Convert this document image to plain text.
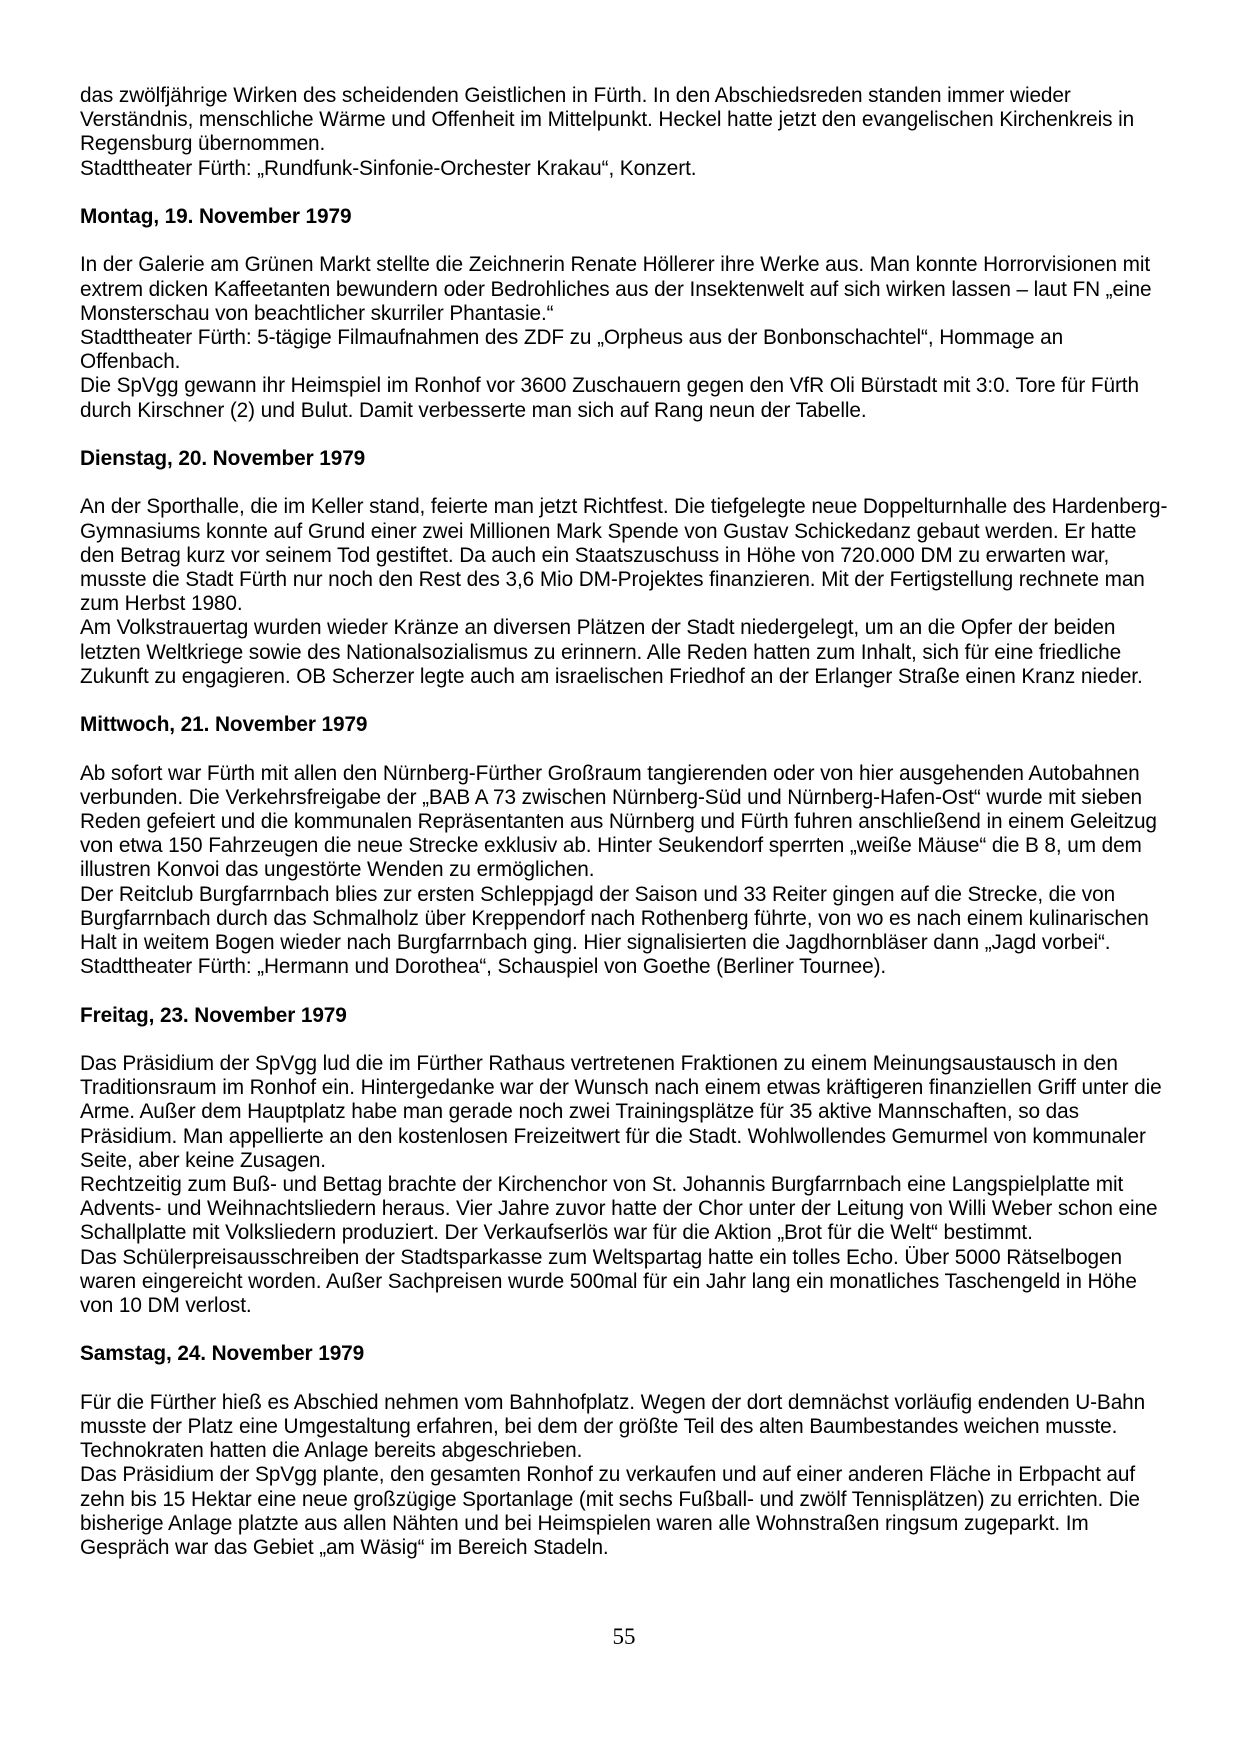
das zwölfjährige Wirken des scheidenden Geistlichen in Fürth. In den Abschiedsreden standen immer wieder Verständnis, menschliche Wärme und Offenheit im Mittelpunkt. Heckel hatte jetzt den evangelischen Kirchenkreis in Regensburg übernommen.

Stadttheater Fürth: „Rundfunk-Sinfonie-Orchester Krakau“, Konzert.

Montag, 19. November 1979

In der Galerie am Grünen Markt stellte die Zeichnerin Renate Höllerer ihre Werke aus. Man konnte Horrorvisionen mit extrem dicken Kaffeetanten bewundern oder Bedrohliches aus der Insektenwelt auf sich wirken lassen – laut FN „eine Monsterschau von beachtlicher skurriler Phantasie.“

Stadttheater Fürth: 5-tägige Filmaufnahmen des ZDF zu „Orpheus aus der Bonbonschachtel“, Hommage an Offenbach.

Die SpVgg gewann ihr Heimspiel im Ronhof vor 3600 Zuschauern gegen den VfR Oli Bürstadt mit 3:0. Tore für Fürth durch Kirschner (2) und Bulut. Damit verbesserte man sich auf Rang neun der Tabelle.

Dienstag, 20. November 1979

An der Sporthalle, die im Keller stand, feierte man jetzt Richtfest. Die tiefgelegte neue Doppelturnhalle des Hardenberg-Gymnasiums konnte auf Grund einer zwei Millionen Mark Spende von Gustav Schickedanz gebaut werden. Er hatte den Betrag kurz vor seinem Tod gestiftet. Da auch ein Staatszuschuss in Höhe von 720.000 DM zu erwarten war, musste die Stadt Fürth nur noch den Rest des 3,6 Mio DM-Projektes finanzieren. Mit der Fertigstellung rechnete man zum Herbst 1980.

Am Volkstrauertag wurden wieder Kränze an diversen Plätzen der Stadt niedergelegt, um an die Opfer der beiden letzten Weltkriege sowie des Nationalsozialismus zu erinnern. Alle Reden hatten zum Inhalt, sich für eine friedliche Zukunft zu engagieren. OB Scherzer legte auch am israelischen Friedhof an der Erlanger Straße einen Kranz nieder.

Mittwoch, 21. November 1979

Ab sofort war Fürth mit allen den Nürnberg-Fürther Großraum tangierenden oder von hier ausgehenden Autobahnen verbunden. Die Verkehrsfreigabe der „BAB A 73 zwischen Nürnberg-Süd und Nürnberg-Hafen-Ost“ wurde mit sieben Reden gefeiert und die kommunalen Repräsentanten aus Nürnberg und Fürth fuhren anschließend in einem Geleitzug von etwa 150 Fahrzeugen die neue Strecke exklusiv ab. Hinter Seukendorf sperrten „weiße Mäuse“ die B 8, um dem illustren Konvoi das ungestörte Wenden zu ermöglichen.

Der Reitclub Burgfarrnbach blies zur ersten Schleppjagd der Saison und 33 Reiter gingen auf die Strecke, die von Burgfarrnbach durch das Schmalholz über Kreppendorf nach Rothenberg führte, von wo es nach einem kulinarischen Halt in weitem Bogen wieder nach Burgfarrnbach ging. Hier signalisierten die Jagdhornbläser dann „Jagd vorbei“.

Stadttheater Fürth: „Hermann und Dorothea“, Schauspiel von Goethe (Berliner Tournee).

Freitag, 23. November 1979

Das Präsidium der SpVgg lud die im Fürther Rathaus vertretenen Fraktionen zu einem Meinungsaustausch in den Traditionsraum im Ronhof ein. Hintergedanke war der Wunsch nach einem etwas kräftigeren finanziellen Griff unter die Arme. Außer dem Hauptplatz habe man gerade noch zwei Trainingsplätze für 35 aktive Mannschaften, so das Präsidium. Man appellierte an den kostenlosen Freizeitwert für die Stadt. Wohlwollendes Gemurmel von kommunaler Seite, aber keine Zusagen.

Rechtzeitig zum Buß- und Bettag brachte der Kirchenchor von St. Johannis Burgfarrnbach eine Langspielplatte mit Advents- und Weihnachtsliedern heraus. Vier Jahre zuvor hatte der Chor unter der Leitung von Willi Weber schon eine Schallplatte mit Volksliedern produziert. Der Verkaufserlös war für die Aktion „Brot für die Welt“ bestimmt.

Das Schülerpreisausschreiben der Stadtsparkasse zum Weltspartag hatte ein tolles Echo. Über 5000 Rätselbogen waren eingereicht worden. Außer Sachpreisen wurde 500mal für ein Jahr lang ein monatliches Taschengeld in Höhe von 10 DM verlost.

Samstag, 24. November 1979

Für die Fürther hieß es Abschied nehmen vom Bahnhofplatz. Wegen der dort demnächst vorläufig endenden U-Bahn musste der Platz eine Umgestaltung erfahren, bei dem der größte Teil des alten Baumbestandes weichen musste. Technokraten hatten die Anlage bereits abgeschrieben.

Das Präsidium der SpVgg plante, den gesamten Ronhof zu verkaufen und auf einer anderen Fläche in Erbpacht auf zehn bis 15 Hektar eine neue großzügige Sportanlage (mit sechs Fußball- und zwölf Tennisplätzen) zu errichten. Die bisherige Anlage platzte aus allen Nähten und bei Heimspielen waren alle Wohnstraßen ringsum zugeparkt. Im Gespräch war das Gebiet „am Wäsig“ im Bereich Stadeln.

55
